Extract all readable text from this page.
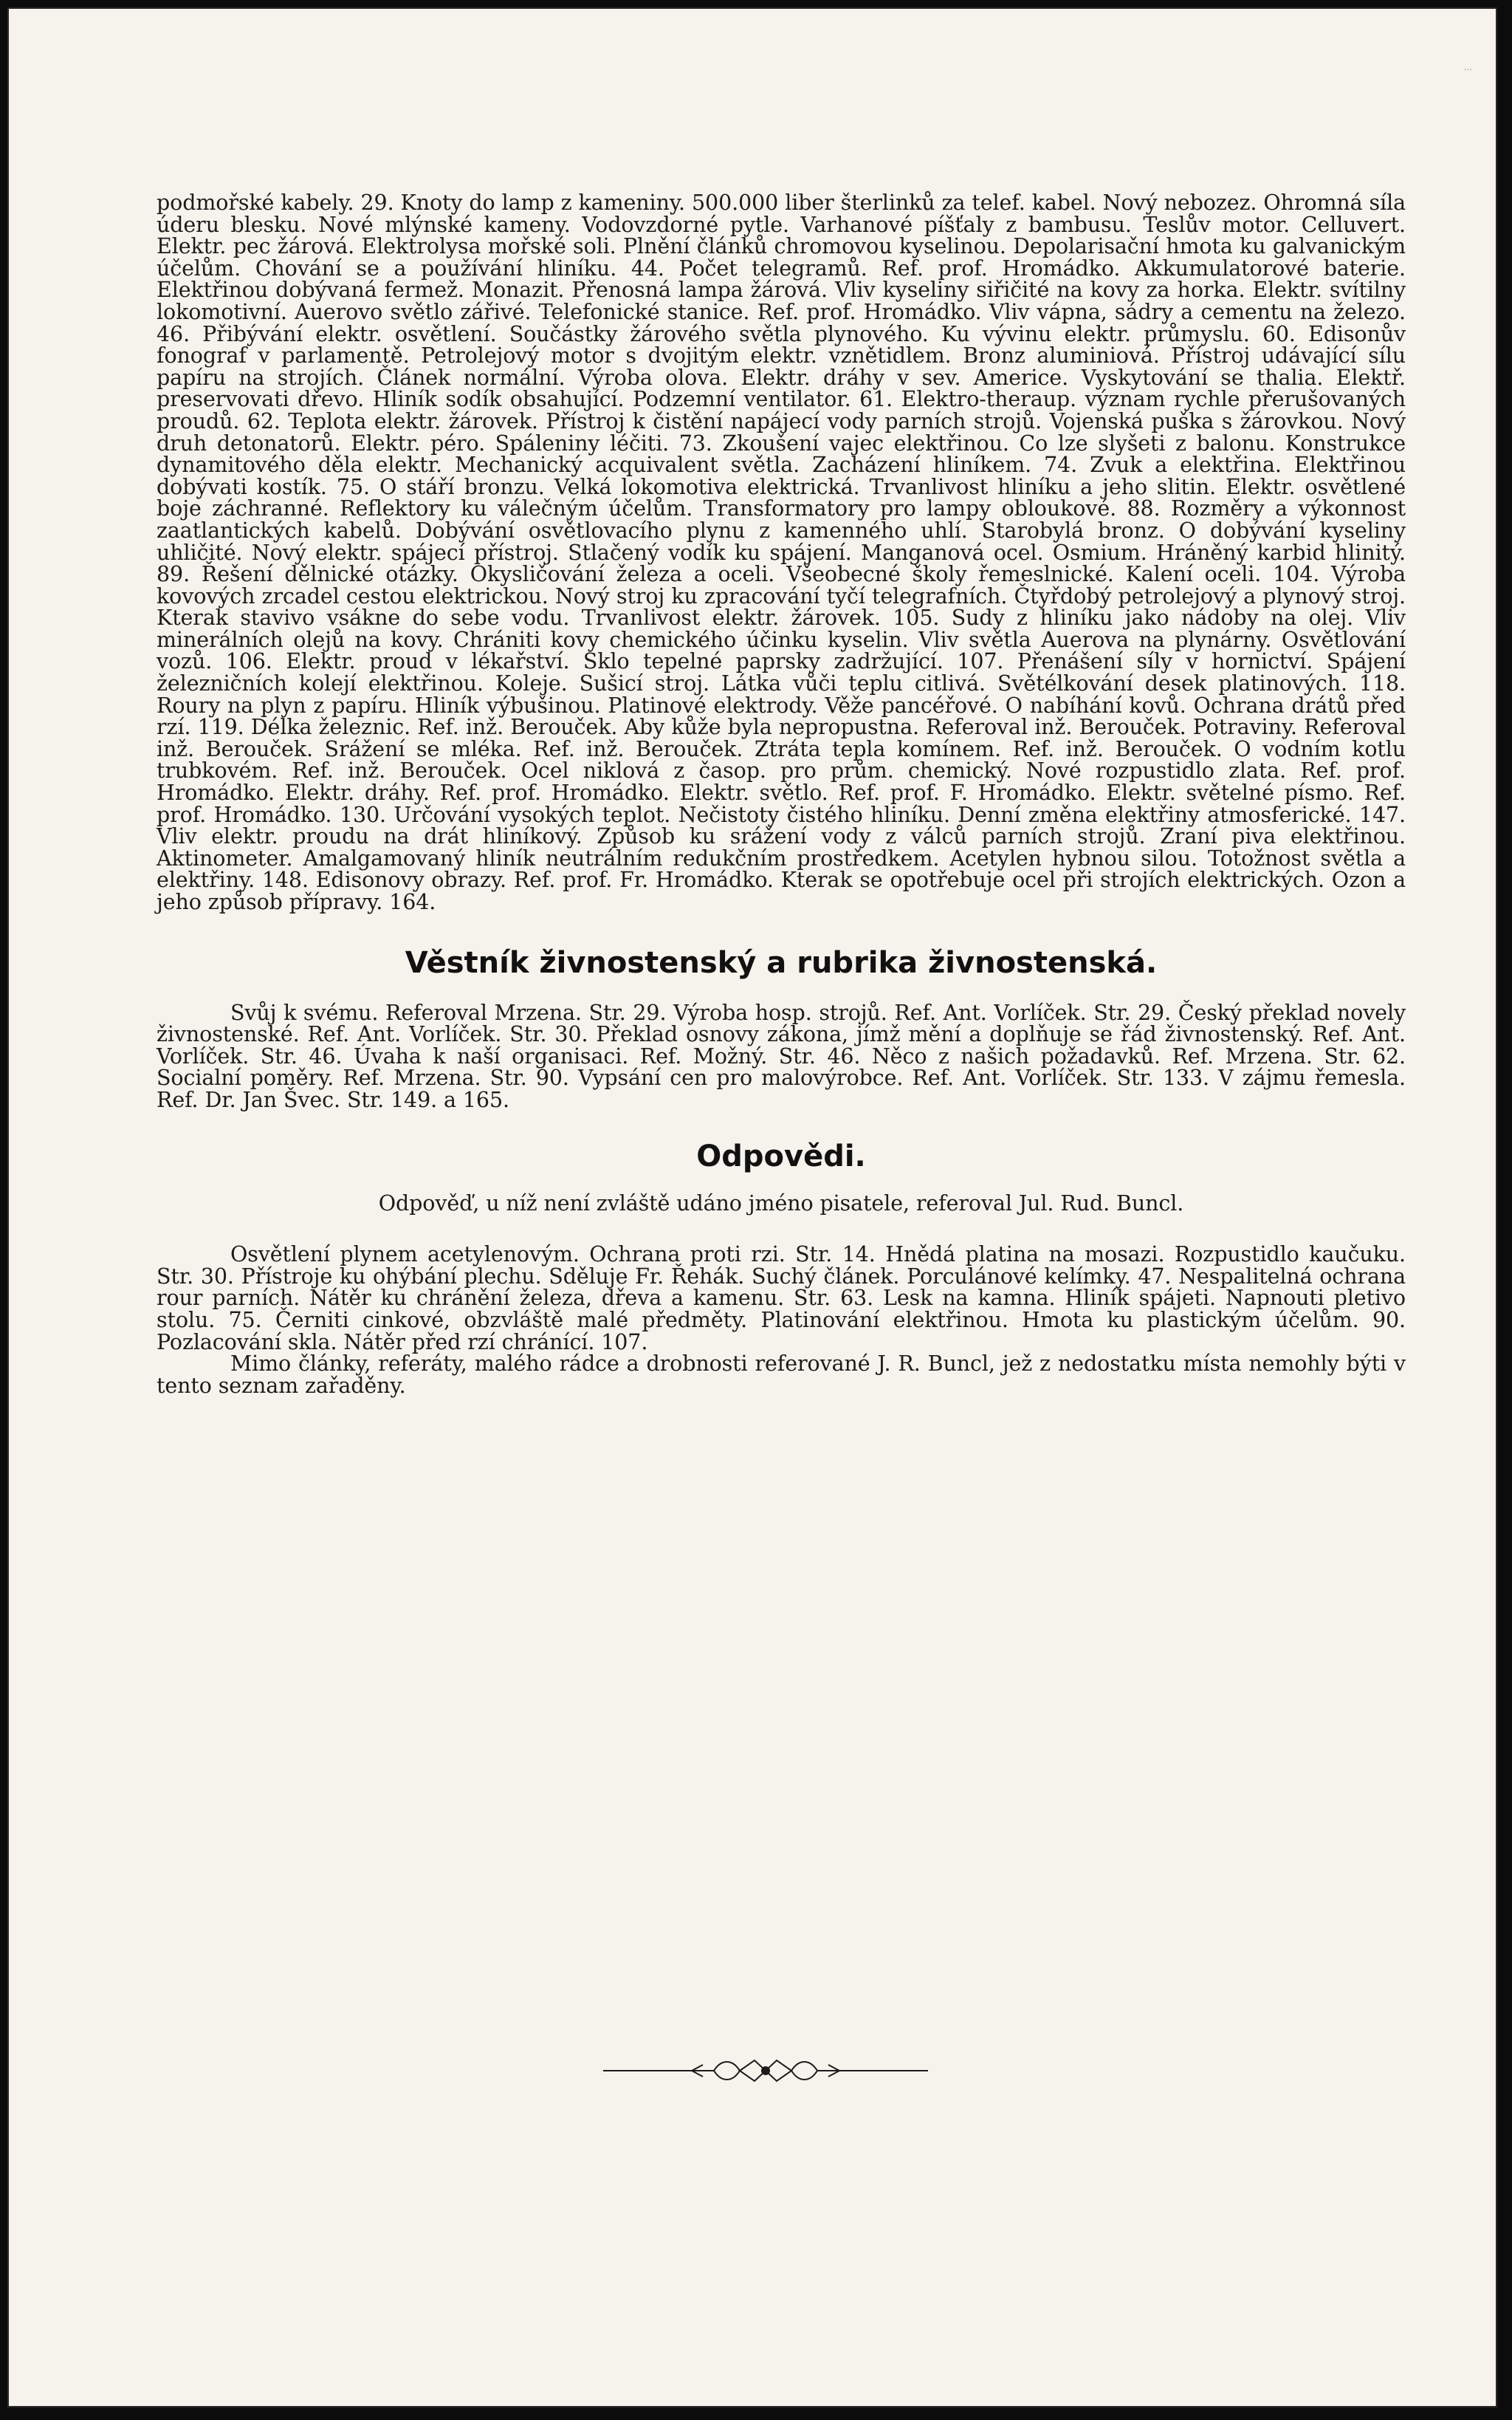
...

podmořské kabely. 29. Knoty do lamp z kameniny. 500.000 liber šterlinků za telef. kabel. Nový nebozez. Ohromná síla úderu blesku. Nové mlýnské kameny. Vodovzdorné pytle. Varhanové píšťaly z bambusu. Teslův motor. Celluvert. Elektr. pec žárová. Elektrolysa mořské soli. Plnění článků chromovou kyselinou. Depolarisační hmota ku galvanickým účelům. Chování se a používání hliníku. 44. Počet telegramů. Ref. prof. Hromádko. Akkumulatorové baterie. Elektřinou dobývaná fermež. Monazit. Přenosná lampa žárová. Vliv kyseliny siřičité na kovy za horka. Elektr. svítilny lokomotivní. Auerovo světlo zářivé. Telefonické stanice. Ref. prof. Hromádko. Vliv vápna, sádry a cementu na železo. 46. Přibývání elektr. osvětlení. Součástky žárového světla plynového. Ku vývinu elektr. průmyslu. 60. Edisonův fonograf v parlamentě. Petrolejový motor s dvojitým elektr. vznětidlem. Bronz aluminiová. Přístroj udávající sílu papíru na strojích. Článek normální. Výroba olova. Elektr. dráhy v sev. Americe. Vyskytování se thalia. Elektř. preservovati dřevo. Hliník sodík obsahující. Podzemní ventilator. 61. Elektro-theraup. význam rychle přerušovaných proudů. 62. Teplota elektr. žárovek. Přístroj k čistění napájecí vody parních strojů. Vojenská puška s žárovkou. Nový druh detonatorů. Elektr. péro. Spáleniny léčiti. 73. Zkoušení vajec elektřinou. Co lze slyšeti z balonu. Konstrukce dynamitového děla elektr. Mechanický acquivalent světla. Zacházení hliníkem. 74. Zvuk a elektřina. Elektřinou dobývati kostík. 75. O stáří bronzu. Velká lokomotiva elektrická. Trvanlivost hliníku a jeho slitin. Elektr. osvětlené boje záchranné. Reflektory ku válečným účelům. Transformatory pro lampy obloukové. 88. Rozměry a výkonnost zaatlantických kabelů. Dobývání osvětlovacího plynu z kamenného uhlí. Starobylá bronz. O dobývání kyseliny uhličité. Nový elektr. spájecí přístroj. Stlačený vodík ku spájení. Manganová ocel. Osmium. Hráněný karbid hlinitý. 89. Řešení dělnické otázky. Okysličování železa a oceli. Všeobecné školy řemeslnické. Kalení oceli. 104. Výroba kovových zrcadel cestou elektrickou. Nový stroj ku zpracování tyčí telegrafních. Čtyřdobý petrolejový a plynový stroj. Kterak stavivo vsákne do sebe vodu. Trvanlivost elektr. žárovek. 105. Sudy z hliníku jako nádoby na olej. Vliv minerálních olejů na kovy. Chrániti kovy chemického účinku kyselin. Vliv světla Auerova na plynárny. Osvětlování vozů. 106. Elektr. proud v lékařství. Sklo tepelné paprsky zadržující. 107. Přenášení síly v hornictví. Spájení železničních kolejí elektřinou. Koleje. Sušicí stroj. Látka vůči teplu citlivá. Světélkování desek platinových. 118. Roury na plyn z papíru. Hliník výbušinou. Platinové elektrody. Věže pancéřové. O nabíhání kovů. Ochrana drátů před rzí. 119. Délka železnic. Ref. inž. Berouček. Aby kůže byla nepropustna. Referoval inž. Berouček. Potraviny. Referoval inž. Berouček. Srážení se mléka. Ref. inž. Berouček. Ztráta tepla komínem. Ref. inž. Berouček. O vodním kotlu trubkovém. Ref. inž. Berouček. Ocel niklová z časop. pro prům. chemický. Nové rozpustidlo zlata. Ref. prof. Hromádko. Elektr. dráhy. Ref. prof. Hromádko. Elektr. světlo. Ref. prof. F. Hromádko. Elektr. světelné písmo. Ref. prof. Hromádko. 130. Určování vysokých teplot. Nečistoty čistého hliníku. Denní změna elektřiny atmosferické. 147. Vliv elektr. proudu na drát hliníkový. Způsob ku srážení vody z válců parních strojů. Zraní piva elektřinou. Aktinometer. Amalgamovaný hliník neutrálním redukčním prostředkem. Acetylen hybnou silou. Totožnost světla a elektřiny. 148. Edisonovy obrazy. Ref. prof. Fr. Hromádko. Kterak se opotřebuje ocel při strojích elektrických. Ozon a jeho způsob přípravy. 164.

Věstník živnostenský a rubrika živnostenská.

Svůj k svému. Referoval Mrzena. Str. 29. Výroba hosp. strojů. Ref. Ant. Vorlíček. Str. 29. Český překlad novely živnostenské. Ref. Ant. Vorlíček. Str. 30. Překlad osnovy zákona, jímž mění a doplňuje se řád živnostenský. Ref. Ant. Vorlíček. Str. 46. Úvaha k naší organisaci. Ref. Možný. Str. 46. Něco z našich požadavků. Ref. Mrzena. Str. 62. Socialní poměry. Ref. Mrzena. Str. 90. Vypsání cen pro malovýrobce. Ref. Ant. Vorlíček. Str. 133. V zájmu řemesla. Ref. Dr. Jan Švec. Str. 149. a 165.

Odpovědi.

Odpověď, u níž není zvláště udáno jméno pisatele, referoval Jul. Rud. Buncl.

Osvětlení plynem acetylenovým. Ochrana proti rzi. Str. 14. Hnědá platina na mosazi. Rozpustidlo kaučuku. Str. 30. Přístroje ku ohýbání plechu. Sděluje Fr. Řehák. Suchý článek. Porculánové kelímky. 47. Nespalitelná ochrana rour parních. Nátěr ku chránění železa, dřeva a kamenu. Str. 63. Lesk na kamna. Hliník spájeti. Napnouti pletivo stolu. 75. Černiti cinkové, obzvláště malé předměty. Platinování elektřinou. Hmota ku plastickým účelům. 90. Pozlacování skla. Nátěr před rzí chránící. 107.

Mimo články, referáty, malého rádce a drobnosti referované J. R. Buncl, jež z nedostatku místa nemohly býti v tento seznam zařaděny.
